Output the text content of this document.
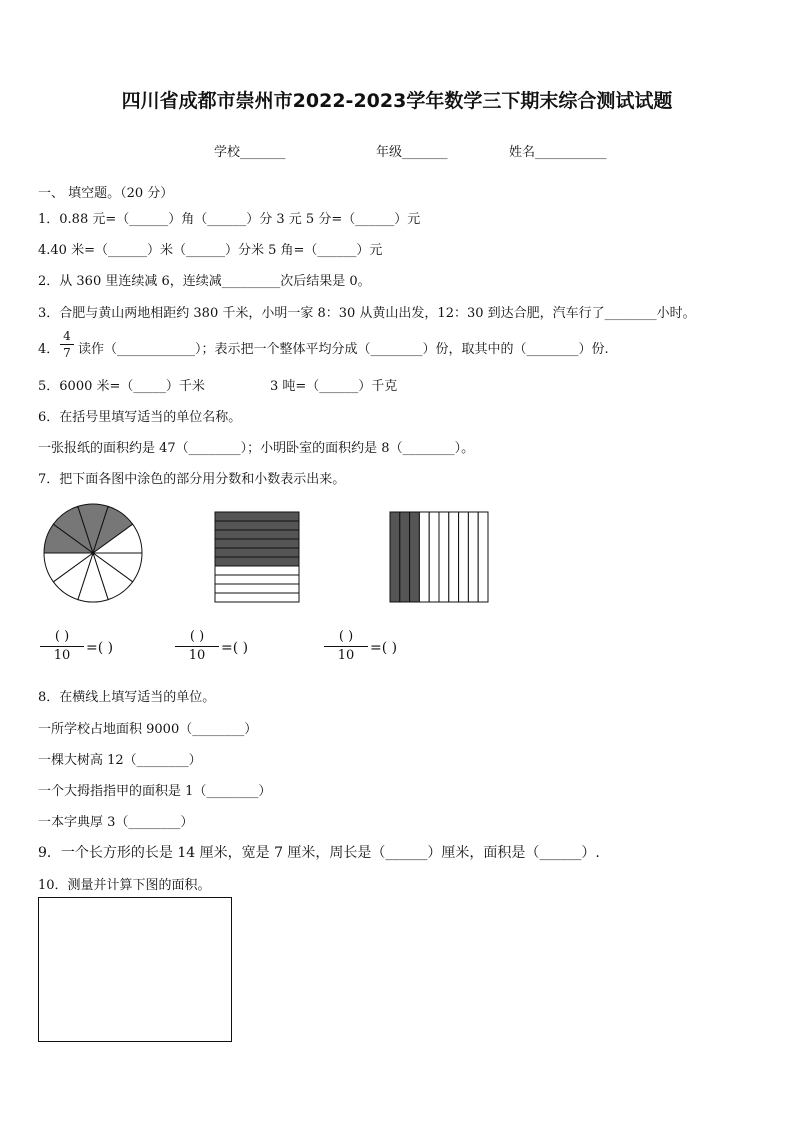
四川省成都市崇州市2022-2023学年数学三下期末综合测试试题
学校_______	年级_______	姓名___________
一、 填空题。（20 分）
1．0.88 元=（______）角（______）分 3 元 5 分=（______）元
4.40 米=（______）米（______）分米 5 角=（______）元
2．从 360 里连续减 6，连续减_________次后结果是 0。
3．合肥与黄山两地相距约 380 千米，小明一家 8：30 从黄山出发，12：30 到达合肥，汽车行了________小时。
4． $\frac{4}{7}$ 读作（____________）；表示把一个整体平均分成（________）份，取其中的（________）份.
5．6000 米=（_____）千米	3 吨=（______）千克
6．在括号里填写适当的单位名称。
一张报纸的面积约是 47（________）；小明卧室的面积约是 8（________）。
7．把下面各图中涂色的部分用分数和小数表示出来。
( )
10	=( )
( )
10	=( )
( )
10	=( )
8．在横线上填写适当的单位。
一所学校占地面积 9000（________）
一棵大树高 12（________）
一个大拇指指甲的面积是 1（________）
一本字典厚 3（________）
9．一个长方形的长是 14 厘米，宽是 7 厘米，周长是（______）厘米，面积是（______）.
10．测量并计算下图的面积。
